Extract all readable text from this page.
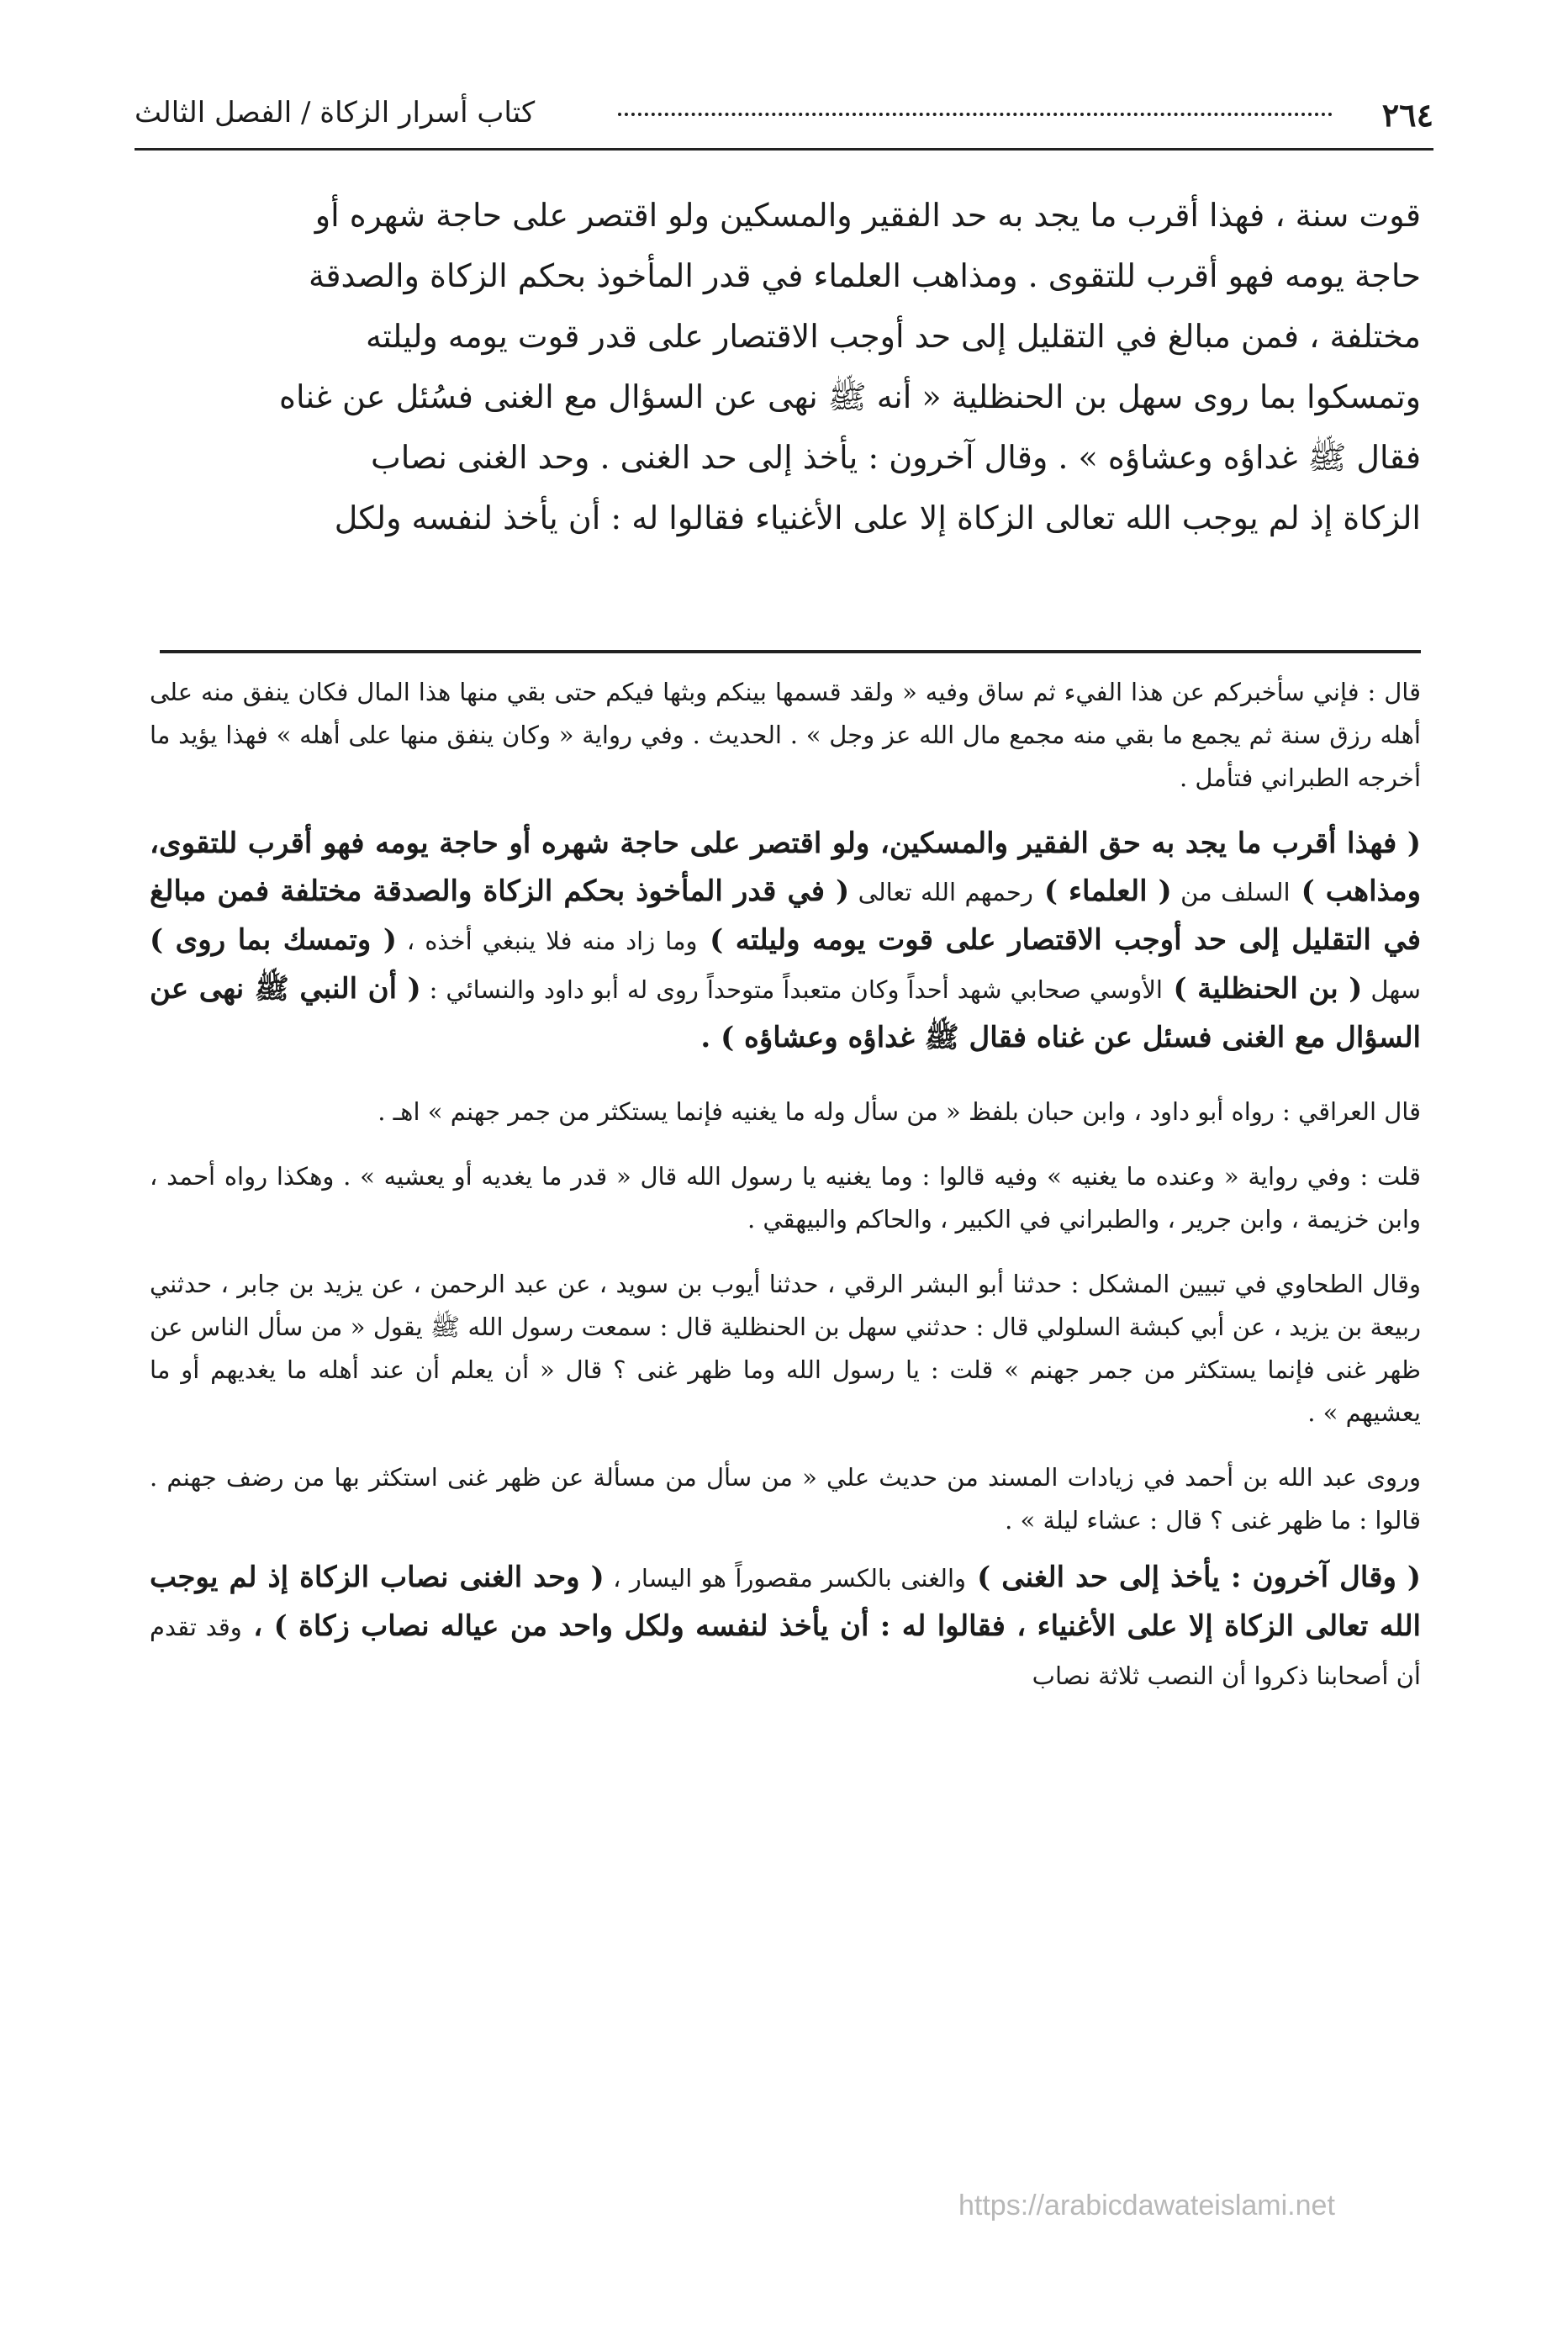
٢٦٤
كتاب أسرار الزكاة / الفصل الثالث

قوت سنة ، فهذا أقرب ما يجد به حد الفقير والمسكين ولو اقتصر على حاجة شهره أو

حاجة يومه فهو أقرب للتقوى . ومذاهب العلماء في قدر المأخوذ بحكم الزكاة والصدقة

مختلفة ، فمن مبالغ في التقليل إلى حد أوجب الاقتصار على قدر قوت يومه وليلته

وتمسكوا بما روى سهل بن الحنظلية « أنه ﷺ نهى عن السؤال مع الغنى فسُئل عن غناه

فقال ﷺ غداؤه وعشاؤه » . وقال آخرون : يأخذ إلى حد الغنى . وحد الغنى نصاب

الزكاة إذ لم يوجب الله تعالى الزكاة إلا على الأغنياء فقالوا له : أن يأخذ لنفسه ولكل

قال : فإني سأخبركم عن هذا الفيء ثم ساق وفيه « ولقد قسمها بينكم وبثها فيكم حتى بقي منها هذا المال فكان ينفق منه على أهله رزق سنة ثم يجمع ما بقي منه مجمع مال الله عز وجل » . الحديث . وفي رواية « وكان ينفق منها على أهله » فهذا يؤيد ما أخرجه الطبراني فتأمل .

( فهذا أقرب ما يجد به حق الفقير والمسكين، ولو اقتصر على حاجة شهره أو حاجة يومه فهو أقرب للتقوى، ومذاهب ) السلف من ( العلماء ) رحمهم الله تعالى ( في قدر المأخوذ بحكم الزكاة والصدقة مختلفة فمن مبالغ في التقليل إلى حد أوجب الاقتصار على قوت يومه وليلته ) وما زاد منه فلا ينبغي أخذه ، ( وتمسك بما روى ) سهل ( بن الحنظلية ) الأوسي صحابي شهد أحداً وكان متعبداً متوحداً روى له أبو داود والنسائي : ( أن النبي ﷺ نهى عن السؤال مع الغنى فسئل عن غناه فقال ﷺ غداؤه وعشاؤه ) .

قال العراقي : رواه أبو داود ، وابن حبان بلفظ « من سأل وله ما يغنيه فإنما يستكثر من جمر جهنم » اهـ .

قلت : وفي رواية « وعنده ما يغنيه » وفيه قالوا : وما يغنيه يا رسول الله قال « قدر ما يغديه أو يعشيه » . وهكذا رواه أحمد ، وابن خزيمة ، وابن جرير ، والطبراني في الكبير ، والحاكم والبيهقي .

وقال الطحاوي في تبيين المشكل : حدثنا أبو البشر الرقي ، حدثنا أيوب بن سويد ، عن عبد الرحمن ، عن يزيد بن جابر ، حدثني ربيعة بن يزيد ، عن أبي كبشة السلولي قال : حدثني سهل بن الحنظلية قال : سمعت رسول الله ﷺ يقول « من سأل الناس عن ظهر غنى فإنما يستكثر من جمر جهنم » قلت : يا رسول الله وما ظهر غنى ؟ قال « أن يعلم أن عند أهله ما يغديهم أو ما يعشيهم » .

وروى عبد الله بن أحمد في زيادات المسند من حديث علي « من سأل من مسألة عن ظهر غنى استكثر بها من رضف جهنم . قالوا : ما ظهر غنى ؟ قال : عشاء ليلة » .

( وقال آخرون : يأخذ إلى حد الغنى ) والغنى بالكسر مقصوراً هو اليسار ، ( وحد الغنى نصاب الزكاة إذ لم يوجب الله تعالى الزكاة إلا على الأغنياء ، فقالوا له : أن يأخذ لنفسه ولكل واحد من عياله نصاب زكاة ) ، وقد تقدم أن أصحابنا ذكروا أن النصب ثلاثة نصاب

https://arabicdawateislami.net
